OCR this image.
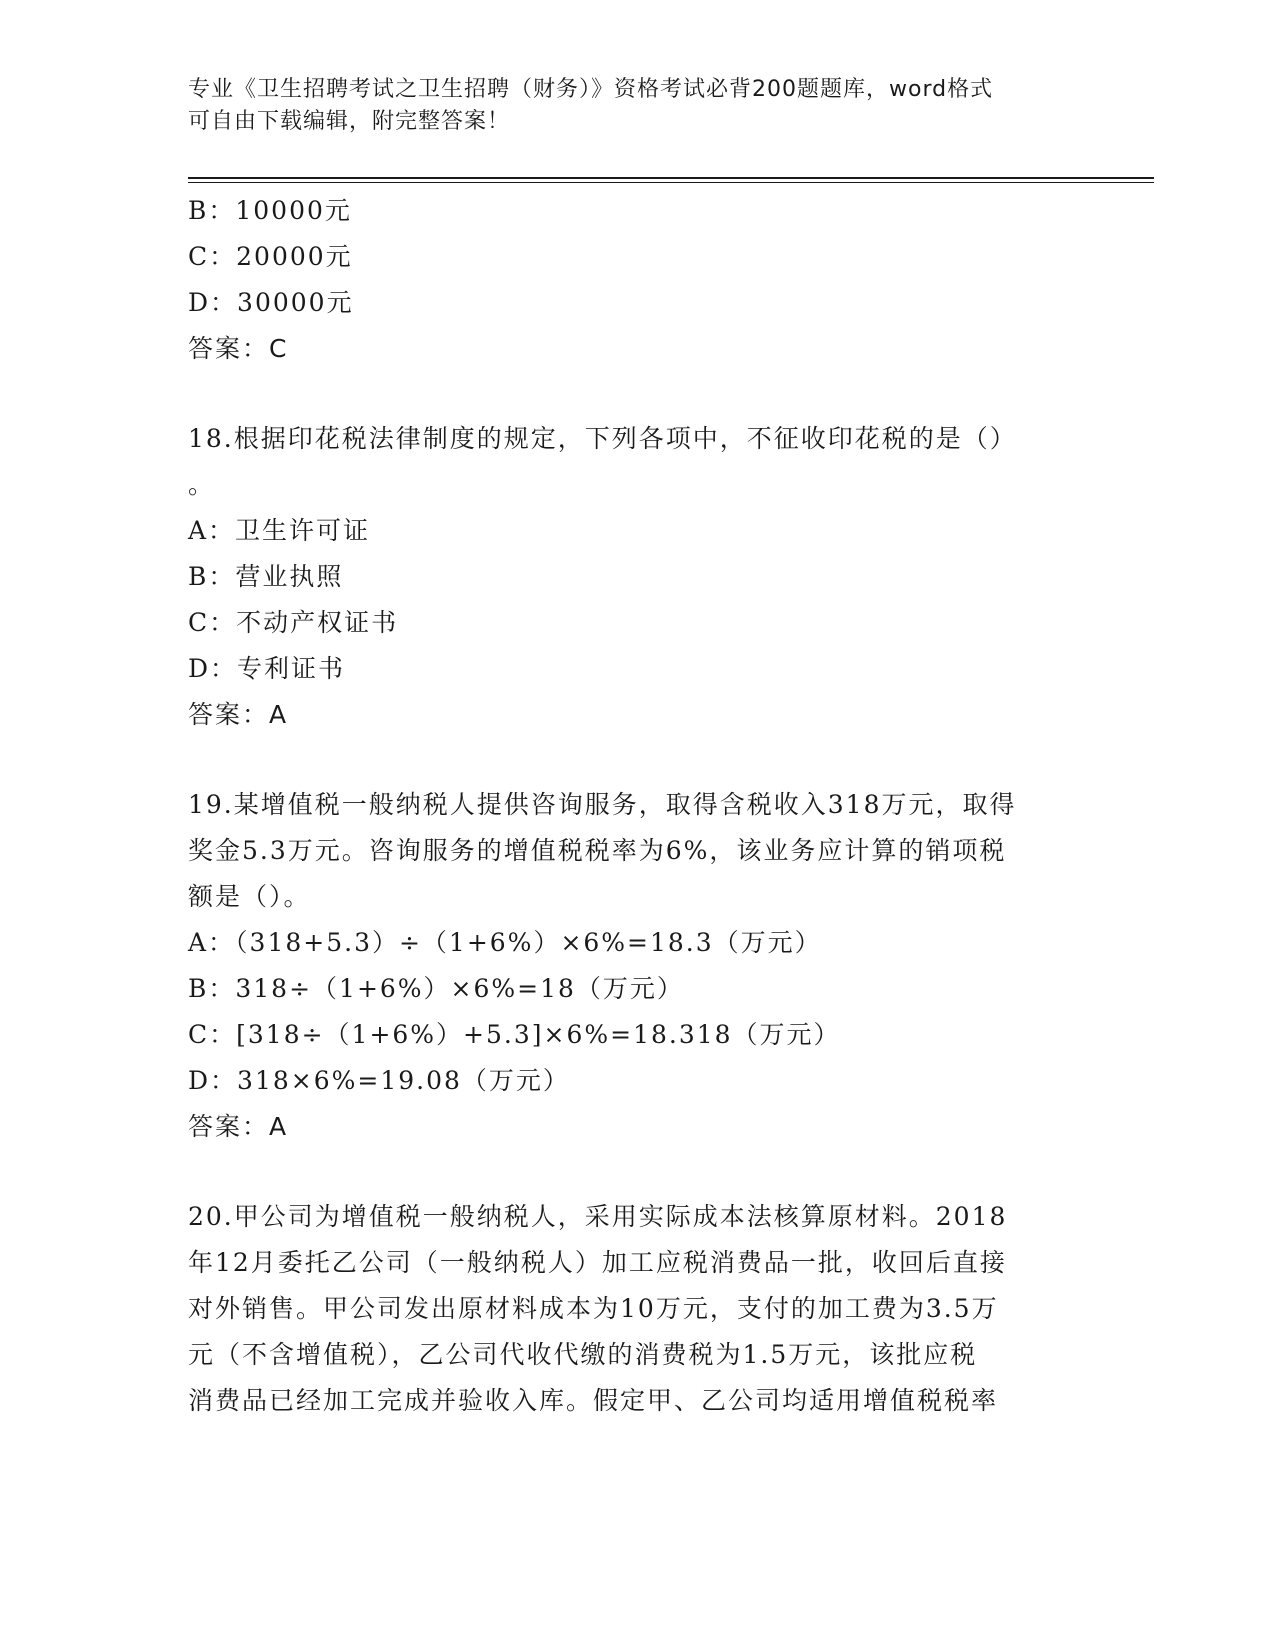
专业《卫生招聘考试之卫生招聘（财务）》资格考试必背200题题库，word格式
可自由下载编辑，附完整答案！
B：10000元
C：20000元
D：30000元
答案：C
18.根据印花税法律制度的规定，下列各项中，不征收印花税的是（）
。
A：卫生许可证
B：营业执照
C：不动产权证书
D：专利证书
答案：A
19.某增值税一般纳税人提供咨询服务，取得含税收入318万元，取得
奖金5.3万元。咨询服务的增值税税率为6%，该业务应计算的销项税
额是（）。
A：（318+5.3）÷（1+6%）×6%=18.3（万元）
B：318÷（1+6%）×6%=18（万元）
C：[318÷（1+6%）+5.3]×6%=18.318（万元）
D：318×6%=19.08（万元）
答案：A
20.甲公司为增值税一般纳税人，采用实际成本法核算原材料。2018
年12月委托乙公司（一般纳税人）加工应税消费品一批，收回后直接
对外销售。甲公司发出原材料成本为10万元，支付的加工费为3.5万
元（不含增值税），乙公司代收代缴的消费税为1.5万元，该批应税
消费品已经加工完成并验收入库。假定甲、乙公司均适用增值税税率
